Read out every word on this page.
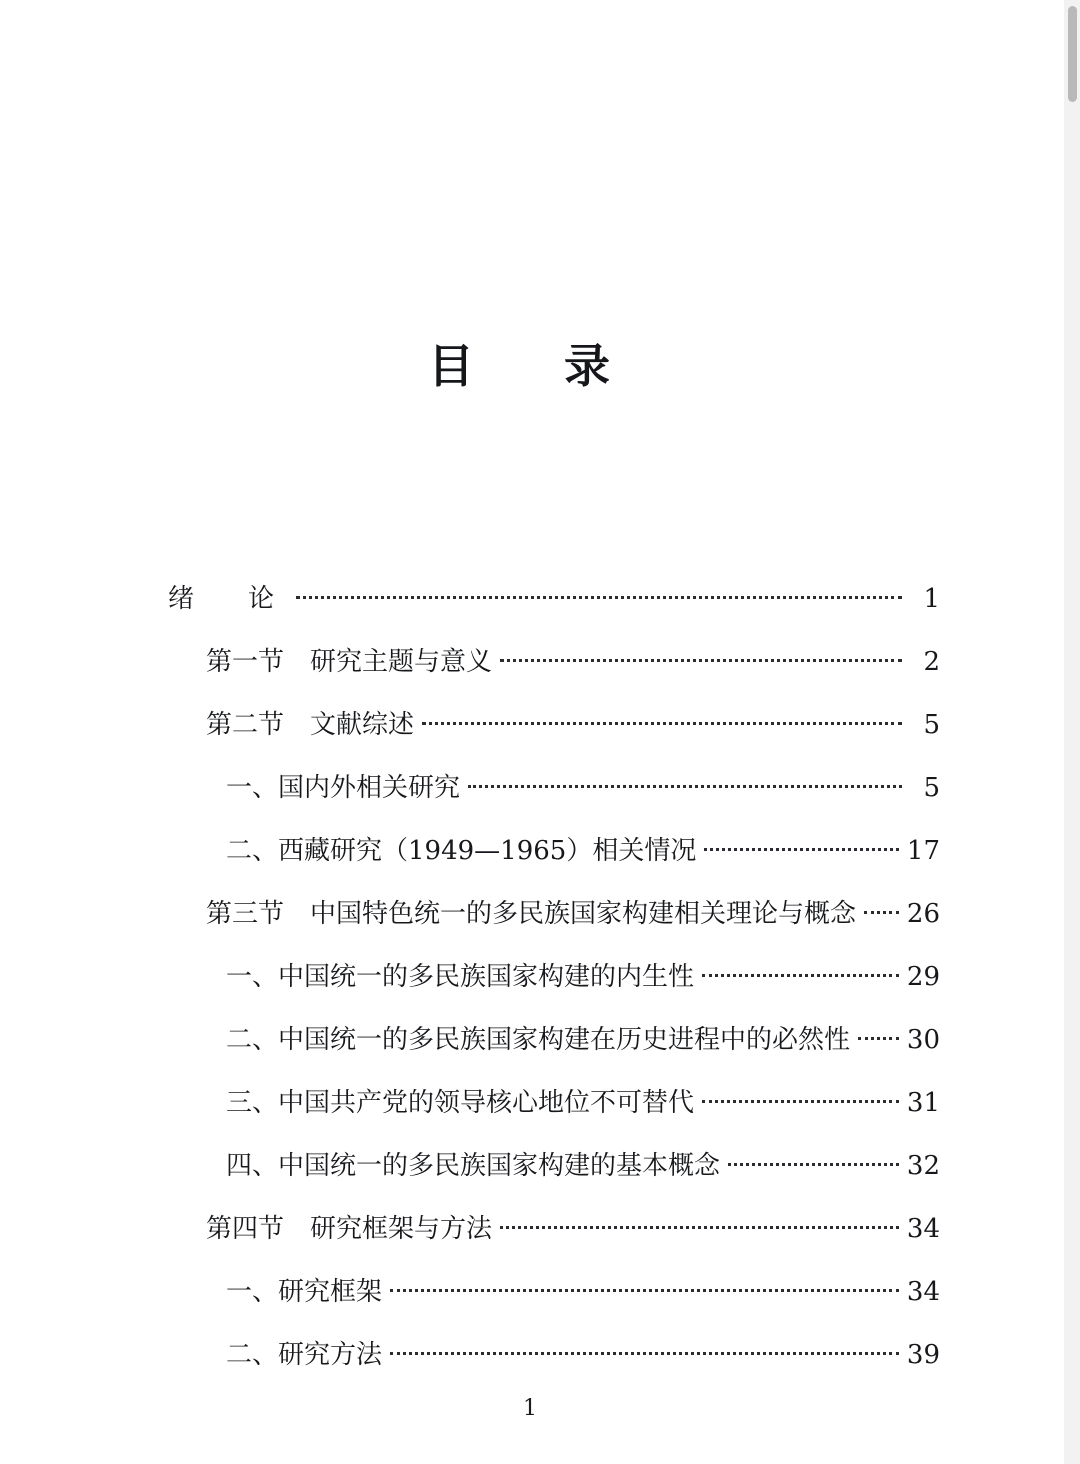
目　录
绪　论	1
第一节　研究主题与意义	2
第二节　文献综述	5
一、国内外相关研究	5
二、西藏研究（1949—1965）相关情况	17
第三节　中国特色统一的多民族国家构建相关理论与概念 26
一、中国统一的多民族国家构建的内生性	29
二、中国统一的多民族国家构建在历史进程中的必然性 30
三、中国共产党的领导核心地位不可替代	31
四、中国统一的多民族国家构建的基本概念	32
第四节　研究框架与方法	34
一、研究框架	34
二、研究方法	39
1
